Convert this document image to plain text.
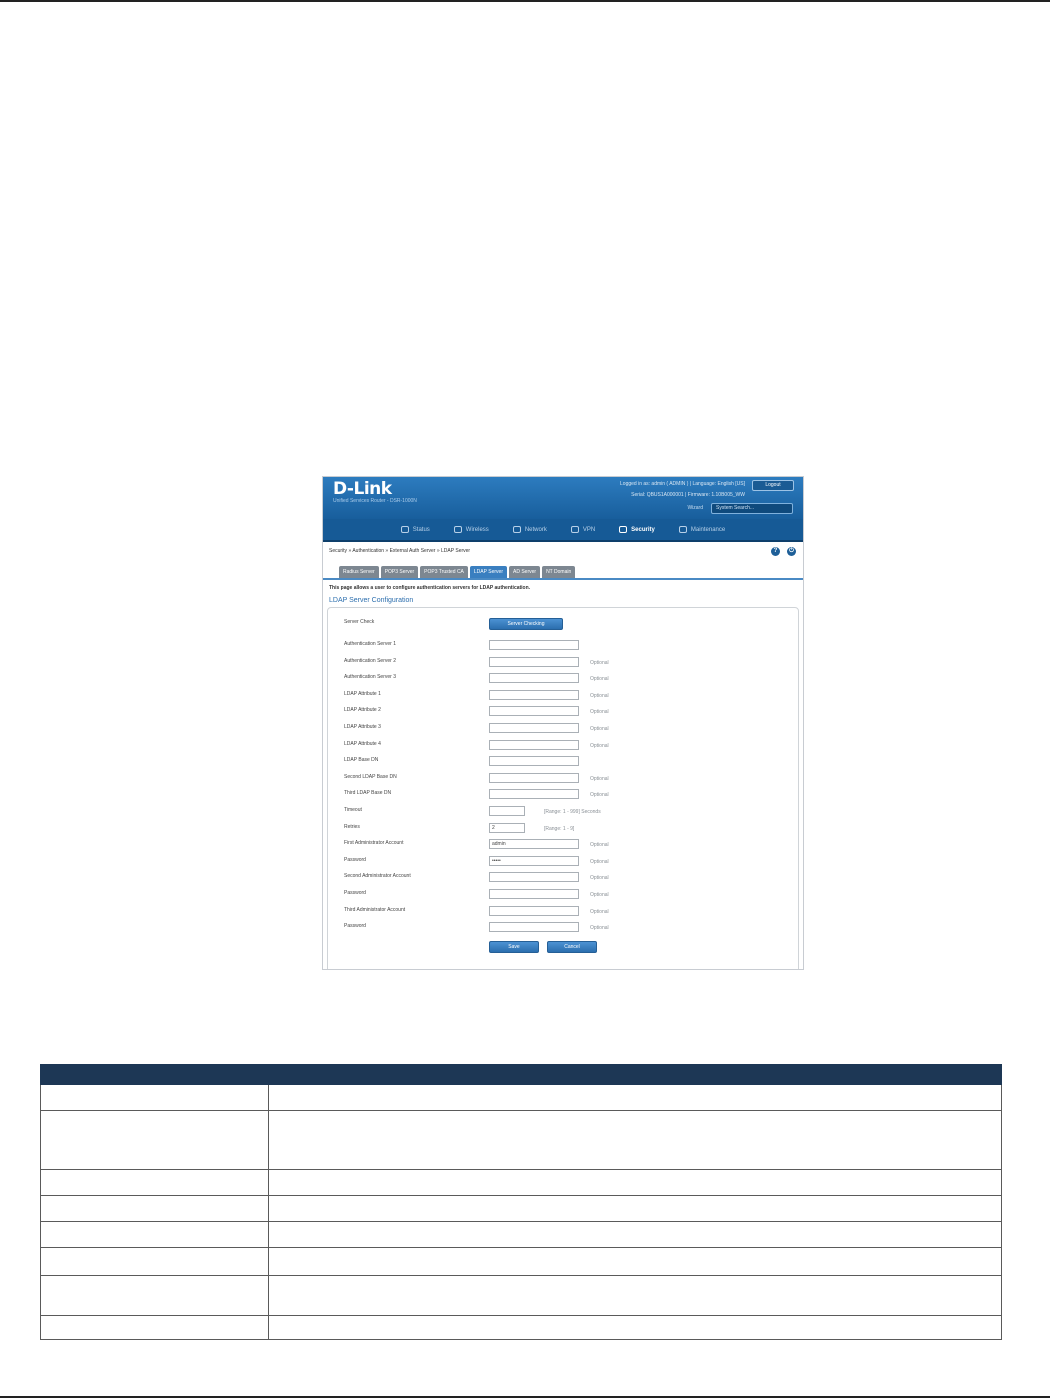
D-Link
Unified Services Router - DSR-1000N
Logged in as: admin ( ADMIN ) | Language: English [US]
Serial: QBUS1A000001 | Firmware: 1.10B005_WW
Logout
Wizard	System Search...
Status	Wireless	Network	VPN	Security	Maintenance
Security » Authentication » External Auth Server » LDAP Server	?	⏻
Radius Server	POP3 Server	POP3 Trusted CA	LDAP Server	AD Server	NT Domain
This page allows a user to configure authentication servers for LDAP authentication.
LDAP Server Configuration
Server Check	Server Checking
Authentication Server 1
Authentication Server 2	Optional
Authentication Server 3	Optional
LDAP Attribute 1	Optional
LDAP Attribute 2	Optional
LDAP Attribute 3	Optional
LDAP Attribute 4	Optional
LDAP Base DN
Second LDAP Base DN	Optional
Third LDAP Base DN	Optional
Timeout	[Range: 1 - 999] Seconds
Retries	2	[Range: 1 - 9]
First Administrator Account	admin	Optional
Password	•••••	Optional
Second Administrator Account	Optional
Password	Optional
Third Administrator Account	Optional
Password	Optional
Save	Cancel
